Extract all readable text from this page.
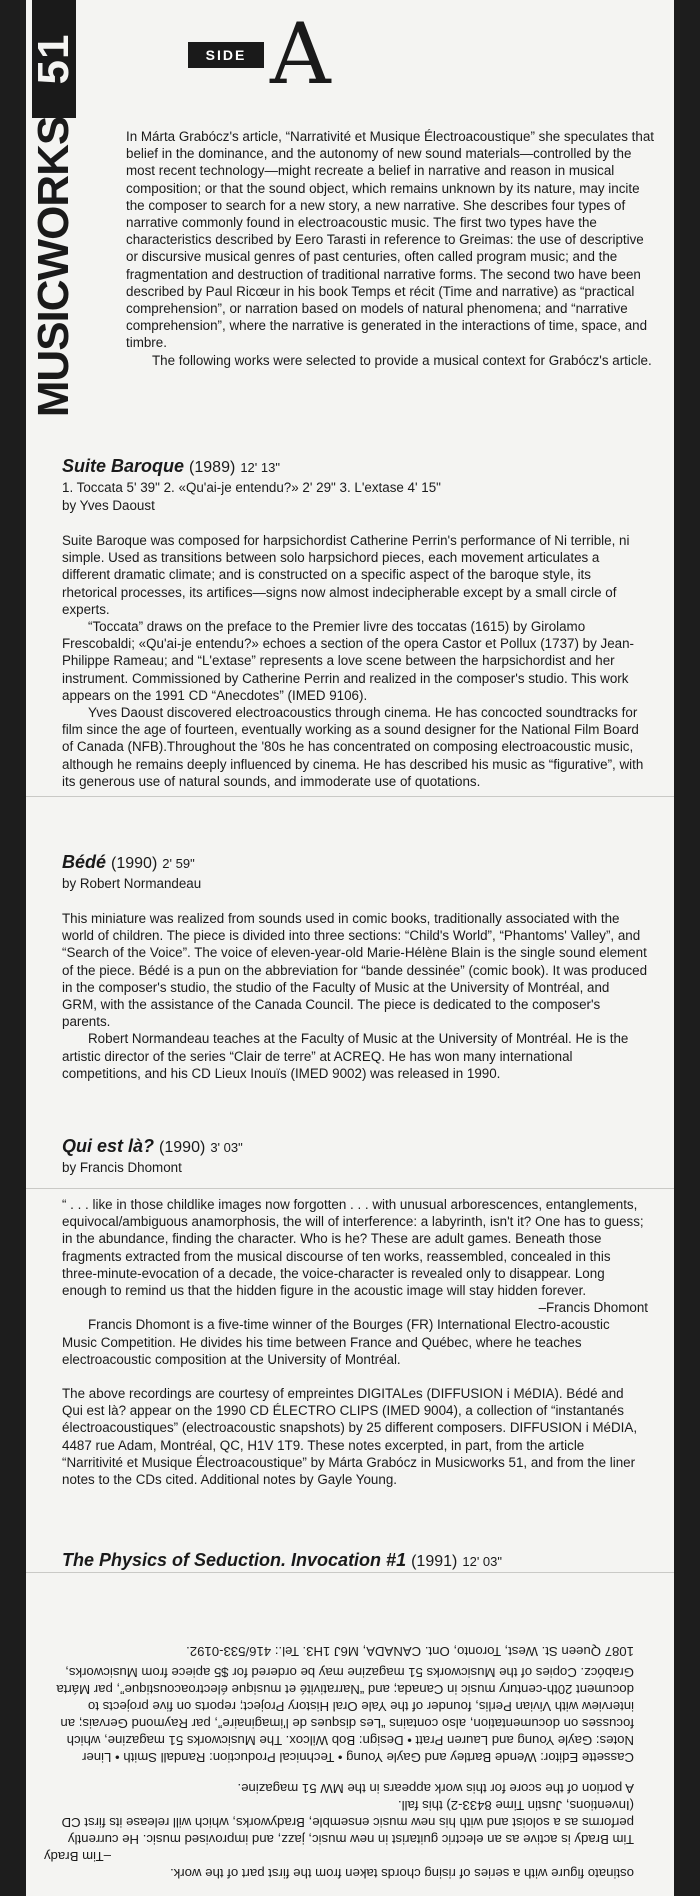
51
MUSICWORKS
SIDE A

In Márta Grabócz's article, “Narrativité et Musique Électroacoustique” she speculates that belief in the dominance, and the autonomy of new sound materials—controlled by the most recent technology—might recreate a belief in narrative and reason in musical composition; or that the sound object, which remains unknown by its nature, may incite the composer to search for a new story, a new narrative. She describes four types of narrative commonly found in electroacoustic music. The first two types have the characteristics described by Eero Tarasti in reference to Greimas: the use of descriptive or discursive musical genres of past centuries, often called program music; and the fragmentation and destruction of traditional narrative forms. The second two have been described by Paul Ricœur in his book Temps et récit (Time and narrative) as “practical comprehension”, or narration based on models of natural phenomena; and “narrative comprehension”, where the narrative is generated in the interactions of time, space, and timbre.

The following works were selected to provide a musical context for Grabócz's article.

Suite Baroque (1989) 12' 13"
1. Toccata 5' 39" 2. «Qu'ai-je entendu?» 2' 29" 3. L'extase 4' 15"
by Yves Daoust

Suite Baroque was composed for harpsichordist Catherine Perrin's performance of Ni terrible, ni simple. Used as transitions between solo harpsichord pieces, each movement articulates a different dramatic climate; and is constructed on a specific aspect of the baroque style, its rhetorical processes, its artifices—signs now almost indecipherable except by a small circle of experts.

“Toccata” draws on the preface to the Premier livre des toccatas (1615) by Girolamo Frescobaldi; «Qu'ai-je entendu?» echoes a section of the opera Castor et Pollux (1737) by Jean-Philippe Rameau; and “L'extase” represents a love scene between the harpsichordist and her instrument. Commissioned by Catherine Perrin and realized in the composer's studio. This work appears on the 1991 CD “Anecdotes” (IMED 9106).

Yves Daoust discovered electroacoustics through cinema. He has concocted soundtracks for film since the age of fourteen, eventually working as a sound designer for the National Film Board of Canada (NFB).Throughout the '80s he has concentrated on composing electroacoustic music, although he remains deeply influenced by cinema. He has described his music as “figurative”, with its generous use of natural sounds, and immoderate use of quotations.

Bédé (1990) 2' 59"
by Robert Normandeau

This miniature was realized from sounds used in comic books, traditionally associated with the world of children. The piece is divided into three sections: “Child's World”, “Phantoms' Valley”, and “Search of the Voice”. The voice of eleven-year-old Marie-Hélène Blain is the single sound element of the piece. Bédé is a pun on the abbreviation for “bande dessinée” (comic book). It was produced in the composer's studio, the studio of the Faculty of Music at the University of Montréal, and GRM, with the assistance of the Canada Council. The piece is dedicated to the composer's parents.

Robert Normandeau teaches at the Faculty of Music at the University of Montréal. He is the artistic director of the series “Clair de terre” at ACREQ. He has won many international competitions, and his CD Lieux Inouïs (IMED 9002) was released in 1990.

Qui est là? (1990) 3' 03"
by Francis Dhomont

“ . . . like in those childlike images now forgotten . . . with unusual arborescences, entanglements, equivocal/ambiguous anamorphosis, the will of interference: a labyrinth, isn't it? One has to guess; in the abundance, finding the character. Who is he? These are adult games. Beneath those fragments extracted from the musical discourse of ten works, reassembled, concealed in this three-minute-evocation of a decade, the voice-character is revealed only to disappear. Long enough to remind us that the hidden figure in the acoustic image will stay hidden forever.

–Francis Dhomont

Francis Dhomont is a five-time winner of the Bourges (FR) International Electro-acoustic Music Competition. He divides his time between France and Québec, where he teaches electroacoustic composition at the University of Montréal.

The above recordings are courtesy of empreintes DIGITALes (DIFFUSION i MéDIA). Bédé and Qui est là? appear on the 1990 CD ÉLECTRO CLIPS (IMED 9004), a collection of “instantanés électroacoustiques” (electroacoustic snapshots) by 25 different composers. DIFFUSION i MéDIA, 4487 rue Adam, Montréal, QC, H1V 1T9. These notes excerpted, in part, from the article “Narritivité et Musique Électroacoustique” by Márta Grabócz in Musicworks 51, and from the liner notes to the CDs cited. Additional notes by Gayle Young.

The Physics of Seduction. Invocation #1 (1991) 12' 03"

ostinato figure with a series of rising chords taken from the first part of the work.

–Tim Brady

Tim Brady is active as an electric guitarist in new music, jazz, and improvised music. He currently performs as a soloist and with his new music ensemble, Bradyworks, which will release its first CD (Inventions, Justin Time 8433-2) this fall.

A portion of the score for this work appears in the MW 51 magazine.

Cassette Editor: Wende Bartley and Gayle Young • Technical Production: Randall Smith • Liner Notes: Gayle Young and Lauren Pratt • Design: Bob Wilcox. The Musicworks 51 magazine, which focusses on documentation, also contains “Les disques de l'imaginaire”, par Raymond Gervais; an interview with Vivian Perlis, founder of the Yale Oral History Project; reports on five projects to document 20th-century music in Canada; and “Narrativité et musique électroacoustique”, par Márta Grabócz. Copies of the Musicworks 51 magazine may be ordered for $5 apiece from Musicworks,

1087 Queen St. West, Toronto, Ont. CANADA, M6J 1H3. Tel.: 416/533-0192.
